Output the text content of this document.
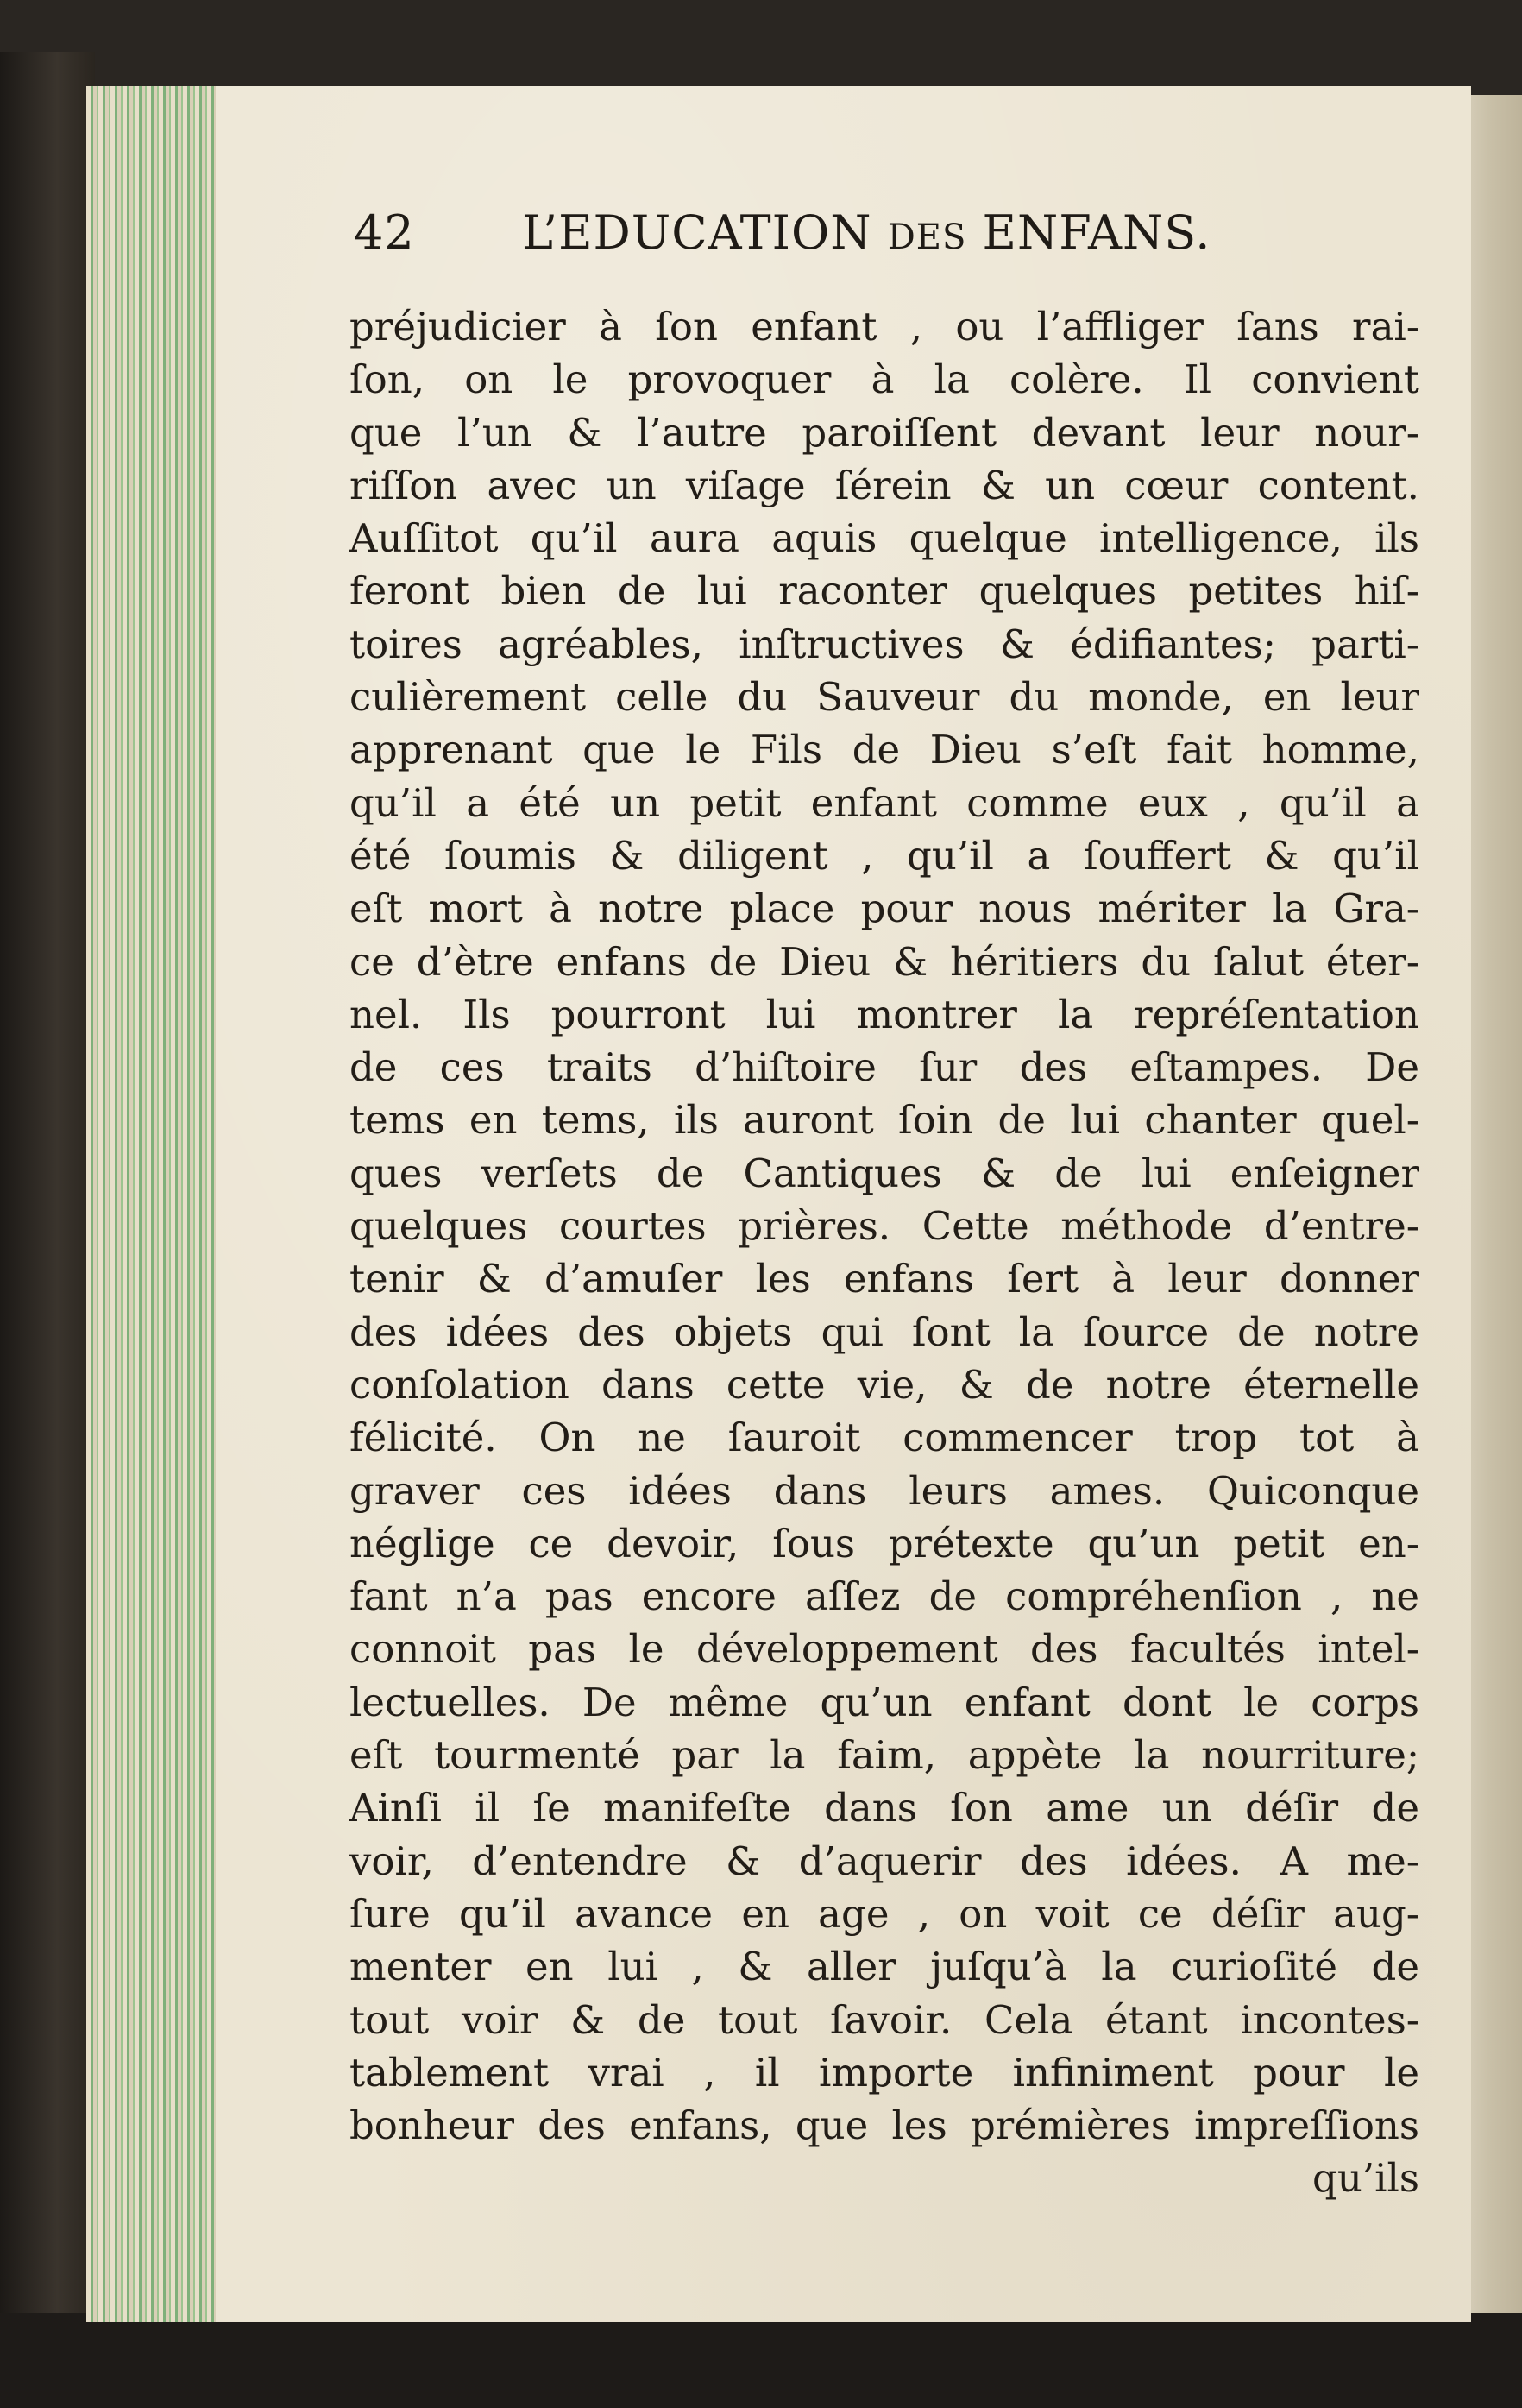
42 L’EDUCATION DES ENFANS.
préjudicier à ſon enfant , ou l’affliger ſans rai-
ſon, on le provoquer à la colère. Il convient
que l’un & l’autre paroiſſent devant leur nour-
riſſon avec un viſage ſérein & un cœur content.
Auſſitot qu’il aura aquis quelque intelligence, ils
feront bien de lui raconter quelques petites hiſ-
toires agréables, inſtructives & édifiantes; parti-
culièrement celle du Sauveur du monde, en leur
apprenant que le Fils de Dieu s’eſt fait homme,
qu’il a été un petit enfant comme eux , qu’il a
été ſoumis & diligent , qu’il a ſouffert & qu’il
eſt mort à notre place pour nous mériter la Gra-
ce d’ètre enfans de Dieu & héritiers du ſalut éter-
nel. Ils pourront lui montrer la repréſentation
de ces traits d’hiſtoire ſur des eſtampes. De
tems en tems, ils auront ſoin de lui chanter quel-
ques verſets de Cantiques & de lui enſeigner
quelques courtes prières. Cette méthode d’entre-
tenir & d’amuſer les enfans ſert à leur donner
des idées des objets qui ſont la ſource de notre
conſolation dans cette vie, & de notre éternelle
félicité. On ne ſauroit commencer trop tot à
graver ces idées dans leurs ames. Quiconque
néglige ce devoir, ſous prétexte qu’un petit en-
fant n’a pas encore aſſez de compréhenſion , ne
connoit pas le développement des facultés intel-
lectuelles. De même qu’un enfant dont le corps
eſt tourmenté par la faim, appète la nourriture;
Ainſi il ſe manifeſte dans ſon ame un déſir de
voir, d’entendre & d’aquerir des idées. A me-
ſure qu’il avance en age , on voit ce déſir aug-
menter en lui , & aller juſqu’à la curioſité de
tout voir & de tout ſavoir. Cela étant incontes-
tablement vrai , il importe infiniment pour le
bonheur des enfans, que les prémières impreſſions
qu’ils
